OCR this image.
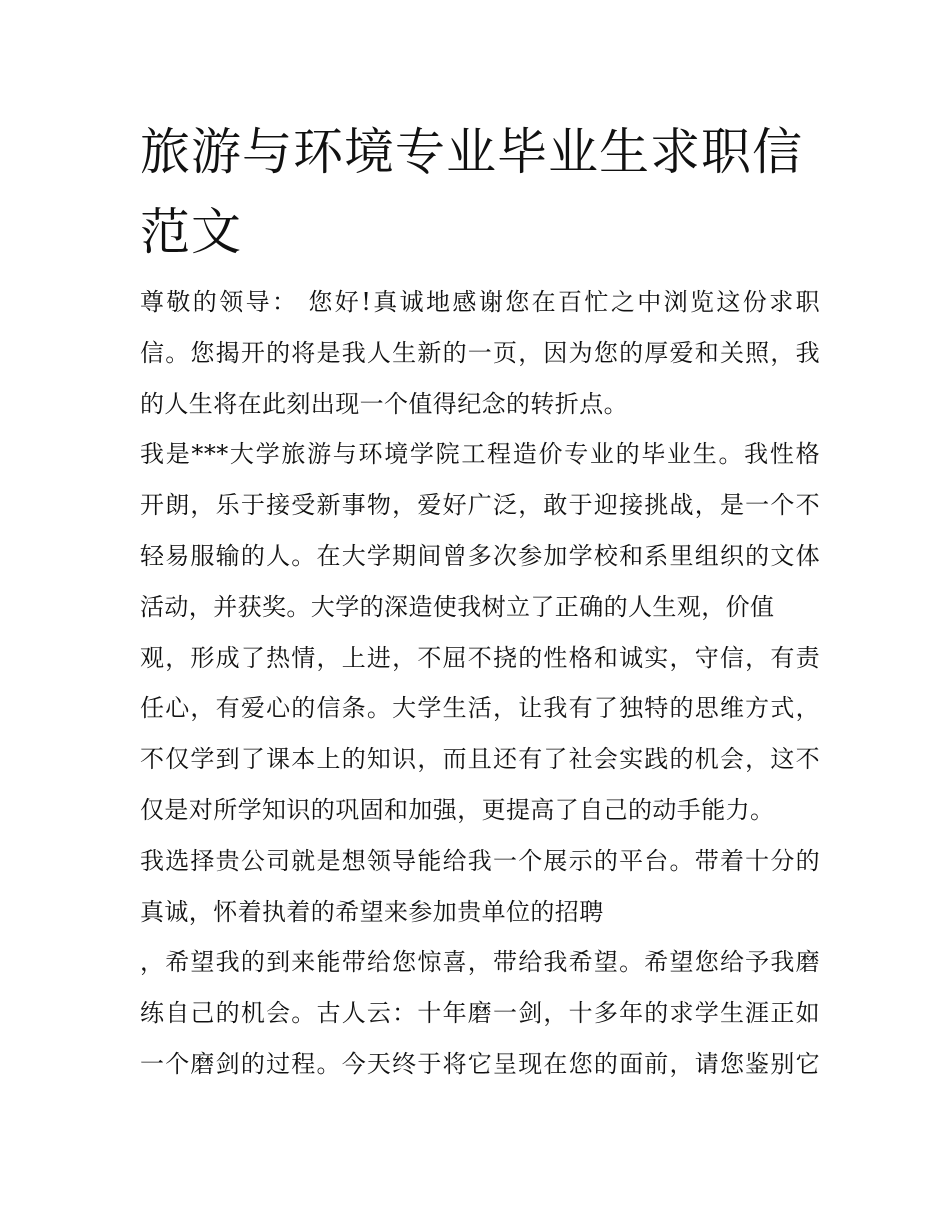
旅游与环境专业毕业生求职信
范文
尊敬的领导： 您好!真诚地感谢您在百忙之中浏览这份求职
信。您揭开的将是我人生新的一页，因为您的厚爱和关照，我
的人生将在此刻出现一个值得纪念的转折点。
我是***大学旅游与环境学院工程造价专业的毕业生。我性格
开朗，乐于接受新事物，爱好广泛，敢于迎接挑战，是一个不
轻易服输的人。在大学期间曾多次参加学校和系里组织的文体
活动，并获奖。大学的深造使我树立了正确的人生观，价值
观，形成了热情，上进，不屈不挠的性格和诚实，守信，有责
任心，有爱心的信条。大学生活，让我有了独特的思维方式，
不仅学到了课本上的知识，而且还有了社会实践的机会，这不
仅是对所学知识的巩固和加强，更提高了自己的动手能力。
我选择贵公司就是想领导能给我一个展示的平台。带着十分的
真诚，怀着执着的希望来参加贵单位的招聘
，希望我的到来能带给您惊喜，带给我希望。希望您给予我磨
练自己的机会。古人云：十年磨一剑，十多年的求学生涯正如
一个磨剑的过程。今天终于将它呈现在您的面前，请您鉴别它
